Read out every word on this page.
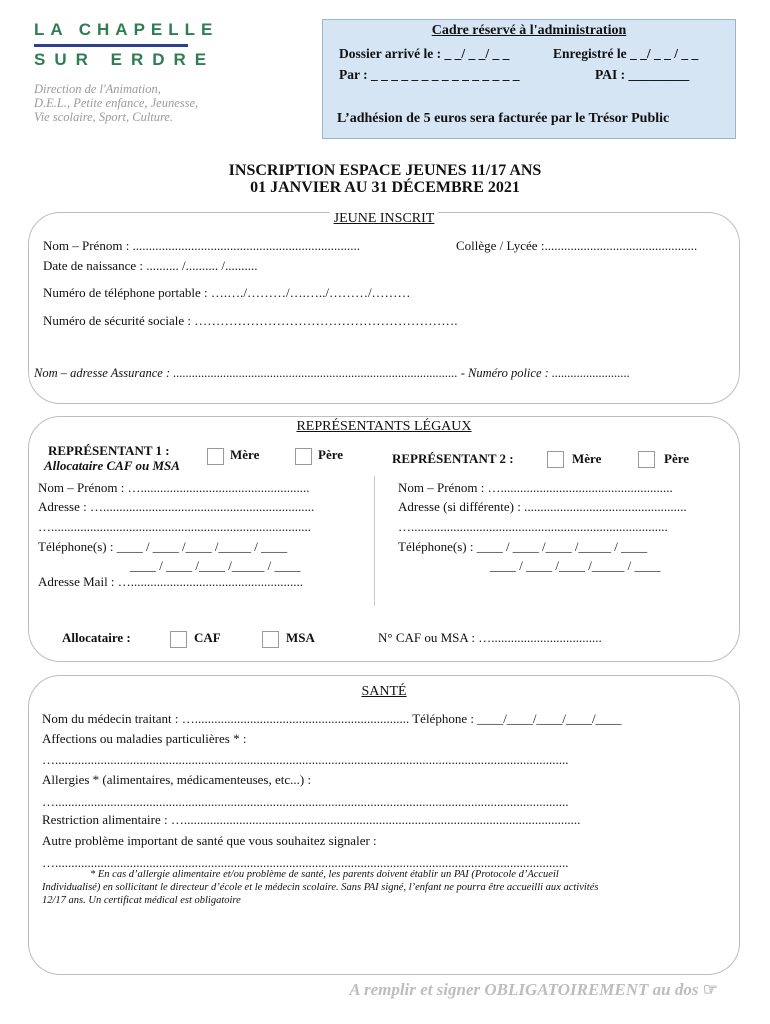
LA CHAPELLE
SUR ERDRE
Direction de l'Animation,
D.E.L., Petite enfance, Jeunesse,
Vie scolaire, Sport, Culture.
Cadre réservé à l'administration
Dossier arrivé le : _ _/ _ _/ _ _	Enregistré le _ _/ _ _ / _ _
Par : _ _ _ _ _ _ _ _ _ _ _ _ _ _ _	PAI : _________
L’adhésion de 5 euros sera facturée par le Trésor Public
INSCRIPTION ESPACE JEUNES 11/17 ANS
01 JANVIER AU 31 DÉCEMBRE 2021
JEUNE INSCRIT
Nom – Prénom : ......................................................................	Collège / Lycée :...............................................
Date de naissance : .......... /.......... /..........
Numéro de téléphone portable : ….…./………/….…../………/………
Numéro de sécurité sociale : …………………………………………………….
Nom – adresse Assurance : ........................................................................................... - Numéro police : .........................
REPRÉSENTANTS LÉGAUX
REPRÉSENTANT 1 :
Allocataire CAF ou MSA
Mère	Père	REPRÉSENTANT 2 :	Mère	Père
Nom – Prénom : …....................................................
Adresse : ….................................................................
…................................................................................
Téléphone(s) : ____ / ____ /____ /_____ / ____
____ / ____ /____ /_____ / ____
Adresse Mail : ….....................................................
Nom – Prénom : ….....................................................
Adresse (si différente) : ..................................................
…...............................................................................
Téléphone(s) : ____ / ____ /____ /_____ / ____
____ / ____ /____ /_____ / ____
Allocataire :	CAF	MSA	N° CAF ou MSA : …..................................
SANTÉ
Nom du médecin traitant : ….................................................................. Téléphone : ____/____/____/____/____
Affections ou maladies particulières * :
…..............................................................................................................................................................
Allergies * (alimentaires, médicamenteuses, etc...) :
…..............................................................................................................................................................
Restriction alimentaire : …..........................................................................................................................
Autre problème important de santé que vous souhaitez signaler :
…..............................................................................................................................................................
* En cas d’allergie alimentaire et/ou problème de santé, les parents doivent établir un PAI (Protocole d’Accueil
Individualisé) en sollicitant le directeur d’école et le médecin scolaire. Sans PAI signé, l’enfant ne pourra être accueilli aux activités
12/17 ans. Un certificat médical est obligatoire
A remplir et signer OBLIGATOIREMENT au dos ☞
